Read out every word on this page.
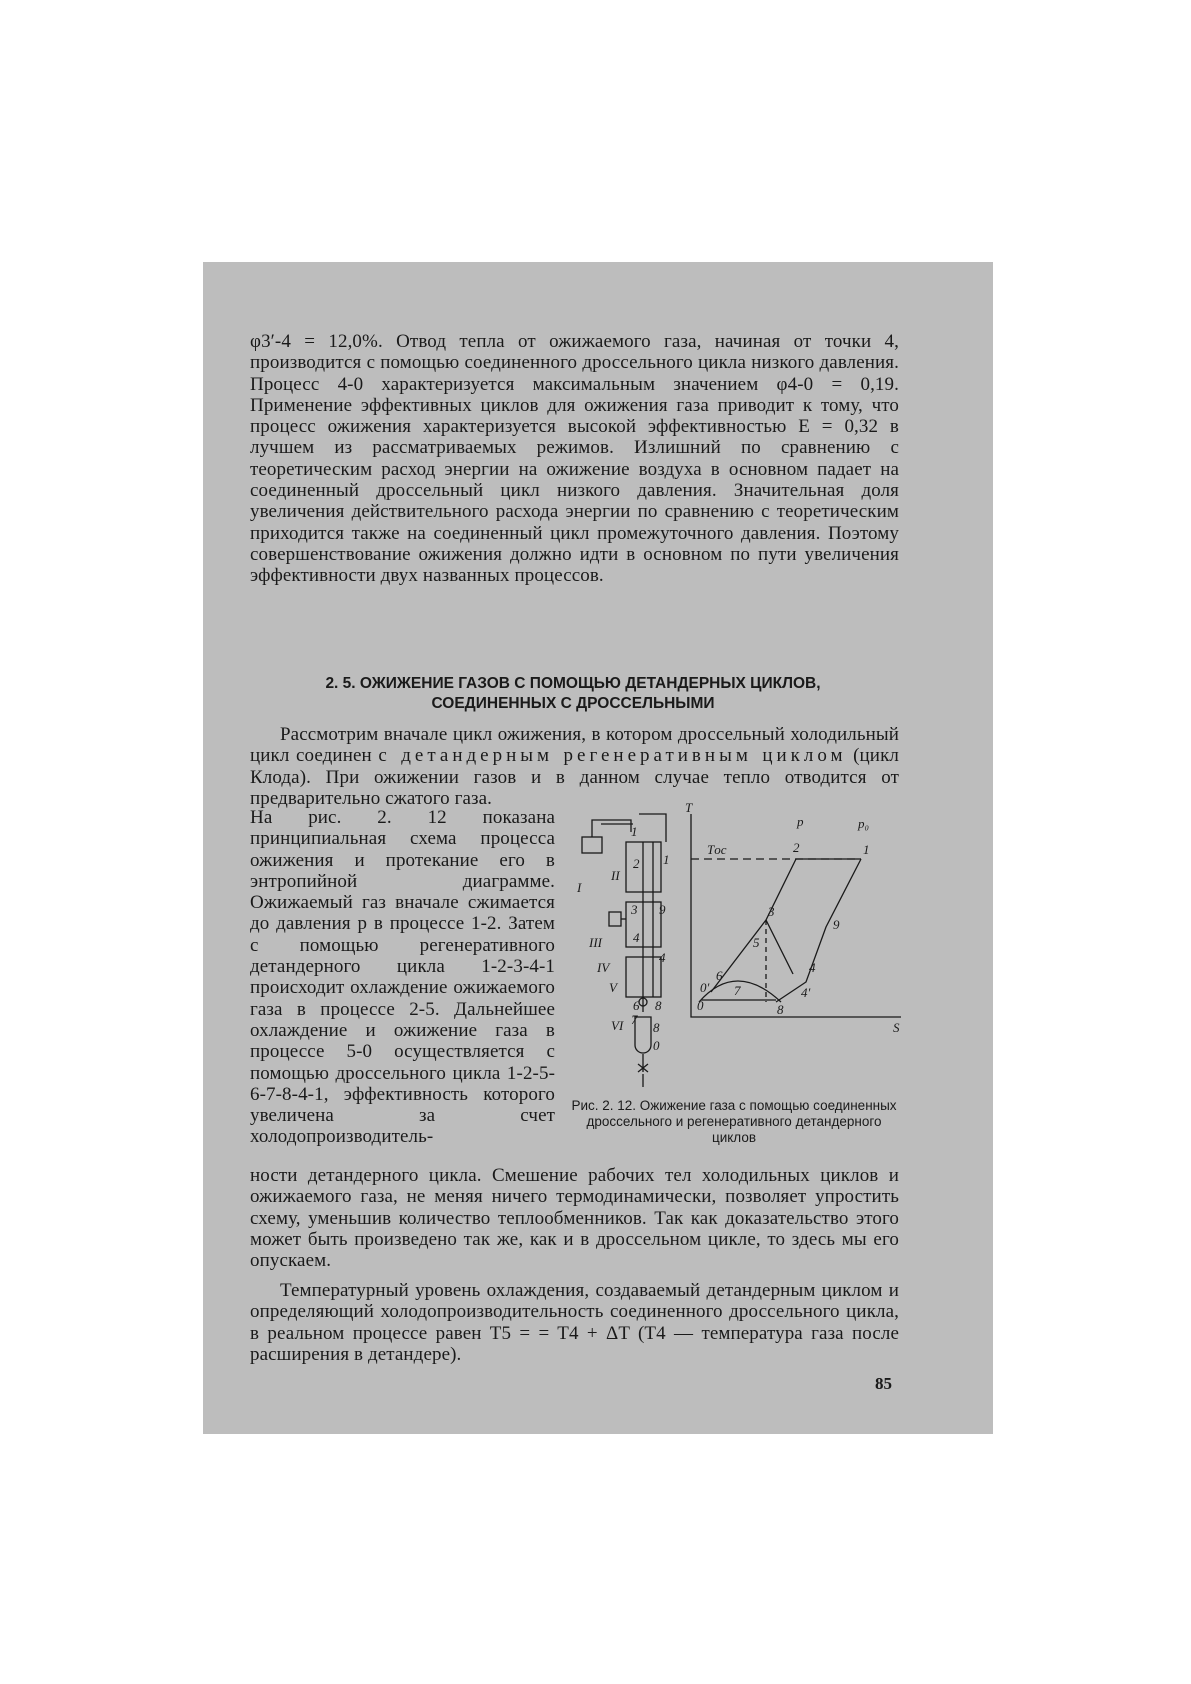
φ3′-4 = 12,0%. Отвод тепла от ожижаемого газа, начиная от точки 4, производится с помощью соединенного дроссельного цикла низкого давления. Процесс 4-0 характеризуется максимальным значением φ4-0 = 0,19. Применение эффективных циклов для ожижения газа приводит к тому, что процесс ожижения характеризуется высокой эффективностью E = 0,32 в лучшем из рассматриваемых режимов. Излишний по сравнению с теоретическим расход энергии на ожижение воздуха в основном падает на соединенный дроссельный цикл низкого давления. Значительная доля увеличения действительного расхода энергии по сравнению с теоретическим приходится также на соединенный цикл промежуточного давления. Поэтому совершенствование ожижения должно идти в основном по пути увеличения эффективности двух названных процессов.
2. 5. ОЖИЖЕНИЕ ГАЗОВ С ПОМОЩЬЮ ДЕТАНДЕРНЫХ ЦИКЛОВ,
СОЕДИНЕННЫХ С ДРОССЕЛЬНЫМИ
Рассмотрим вначале цикл ожижения, в котором дроссельный холодильный цикл соединен с детандерным регенеративным циклом (цикл Клода). При ожижении газов и в данном случае тепло отводится от предварительно сжатого газа.
На рис. 2. 12 показана принципиальная схема процесса ожижения и протекание его в энтропийной диаграмме. Ожижаемый газ вначале сжимается до давления p в процессе 1-2. Затем с помощью регенеративного детандерного цикла 1-2-3-4-1 происходит охлаждение ожижаемого газа в процессе 2-5. Дальнейшее охлаждение и ожижение газа в процессе 5-0 осуществляется с помощью дроссельного цикла 1-2-5-6-7-8-4-1, эффективность которого увеличена за счет холодопроизводитель-
I
II
III
IV
V
VI
1
2 1
3 9
4
4
6 8
7
8
0
T
S
p	p₀
Tос	2	1
3
9
5
4
4′
6
7
8
0′
0
Рис. 2. 12. Ожижение газа с помощью соединенных дроссельного и регенеративного детандерного циклов
ности детандерного цикла. Смешение рабочих тел холодильных циклов и ожижаемого газа, не меняя ничего термодинамически, позволяет упростить схему, уменьшив количество теплообменников. Так как доказательство этого может быть произведено так же, как и в дроссельном цикле, то здесь мы его опускаем.
Температурный уровень охлаждения, создаваемый детандерным циклом и определяющий холодопроизводительность соединенного дроссельного цикла, в реальном процессе равен T5 = = T4 + ΔT (T4 — температура газа после расширения в детандере).
85
